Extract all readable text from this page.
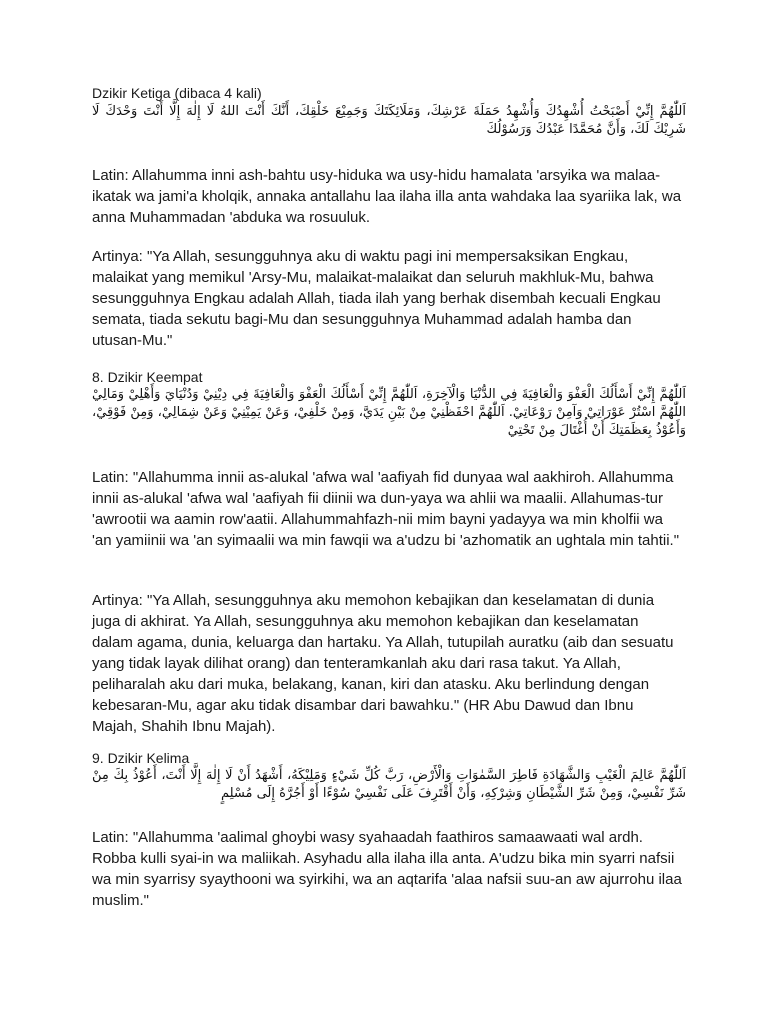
Dzikir Ketiga (dibaca 4 kali)

اَللّٰهُمَّ إِنِّيْ أَصْبَحْتُ أُشْهِدُكَ وَأُشْهِدُ حَمَلَةَ عَرْشِكَ، وَمَلَائِكَتَكَ وَجَمِيْعَ خَلْقِكَ، أَنَّكَ أَنْتَ اللهُ لَا إِلٰهَ إِلَّا أَنْتَ وَحْدَكَ لَا شَرِيْكَ لَكَ، وَأَنَّ مُحَمَّدًا عَبْدُكَ وَرَسُوْلُكَ

Latin: Allahumma inni ash-bahtu usy-hiduka wa usy-hidu hamalata 'arsyika wa malaa-ikatak wa jami'a kholqik, annaka antallahu laa ilaha illa anta wahdaka laa syariika lak, wa anna Muhammadan 'abduka wa rosuuluk.

Artinya: "Ya Allah, sesungguhnya aku di waktu pagi ini mempersaksikan Engkau, malaikat yang memikul 'Arsy-Mu, malaikat-malaikat dan seluruh makhluk-Mu, bahwa sesungguhnya Engkau adalah Allah, tiada ilah yang berhak disembah kecuali Engkau semata, tiada sekutu bagi-Mu dan sesungguhnya Muhammad adalah hamba dan utusan-Mu."

8. Dzikir Keempat

اَللّٰهُمَّ إِنِّيْ أَسْأَلُكَ الْعَفْوَ وَالْعَافِيَةَ فِي الدُّنْيَا وَالْآخِرَةِ، اَللّٰهُمَّ إِنِّيْ أَسْأَلُكَ الْعَفْوَ وَالْعَافِيَةَ فِي دِيْنِيْ وَدُنْيَايَ وَأَهْلِيْ وَمَالِيْ اللّٰهُمَّ اسْتُرْ عَوْرَاتِيْ وَآمِنْ رَوْعَاتِيْ. اَللّٰهُمَّ احْفَظْنِيْ مِنْ بَيْنِ يَدَيَّ، وَمِنْ خَلْفِيْ، وَعَنْ يَمِيْنِيْ وَعَنْ شِمَالِيْ، وَمِنْ فَوْقِيْ، وَأَعُوْذُ بِعَظَمَتِكَ أَنْ أُغْتَالَ مِنْ تَحْتِيْ

Latin: "Allahumma innii as-alukal 'afwa wal 'aafiyah fid dunyaa wal aakhiroh. Allahumma innii as-alukal 'afwa wal 'aafiyah fii diinii wa dun-yaya wa ahlii wa maalii. Allahumas-tur 'awrootii wa aamin row'aatii. Allahummahfazh-nii mim bayni yadayya wa min kholfii wa 'an yamiinii wa 'an syimaalii wa min fawqii wa a'udzu bi 'azhomatik an ughtala min tahtii."

Artinya: "Ya Allah, sesungguhnya aku memohon kebajikan dan keselamatan di dunia juga di akhirat. Ya Allah, sesungguhnya aku memohon kebajikan dan keselamatan dalam agama, dunia, keluarga dan hartaku. Ya Allah, tutupilah auratku (aib dan sesuatu yang tidak layak dilihat orang) dan tenteramkanlah aku dari rasa takut. Ya Allah, peliharalah aku dari muka, belakang, kanan, kiri dan atasku. Aku berlindung dengan kebesaran-Mu, agar aku tidak disambar dari bawahku." (HR Abu Dawud dan Ibnu Majah, Shahih Ibnu Majah).

9. Dzikir Kelima

اَللّٰهُمَّ عَالِمَ الْغَيْبِ وَالشَّهَادَةِ فَاطِرَ السَّمٰوَاتِ وَالْأَرْضِ، رَبَّ كُلِّ شَيْءٍ وَمَلِيْكَهُ، أَشْهَدُ أَنْ لَا إِلٰهَ إِلَّا أَنْتَ، أَعُوْذُ بِكَ مِنْ شَرِّ نَفْسِيْ، وَمِنْ شَرِّ الشَّيْطَانِ وَشِرْكِهِ، وَأَنْ أَقْتَرِفَ عَلَى نَفْسِيْ سُوْءًا أَوْ أَجُرَّهُ إِلَى مُسْلِمٍ

Latin: "Allahumma 'aalimal ghoybi wasy syahaadah faathiros samaawaati wal ardh. Robba kulli syai-in wa maliikah. Asyhadu alla ilaha illa anta. A'udzu bika min syarri nafsii wa min syarrisy syaythooni wa syirkihi, wa an aqtarifa 'alaa nafsii suu-an aw ajurrohu ilaa muslim."
